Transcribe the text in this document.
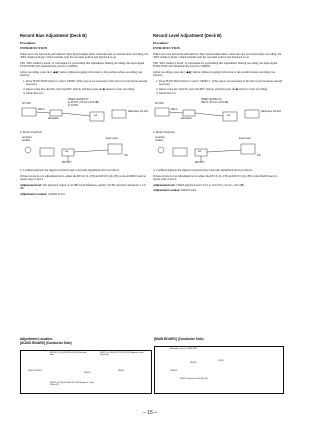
Record Bias Adjustment (Deck B)
Procedure:
INTRODUCTION
When set to the test mode performed in Tape Speed Adjust-ment, when the tape is reversed after recording, the "REC memory mode" which rewinds only the recorded portion and playback is set.
This "REC memory mode" is convenient for performing this adjustment. During recording, the input signal FUNCTION will automatically switch to VIDEO.
(After recording, press the [ ◀◀ ] button without stopping will return to the position where recording was started.)
1. Press FUNCTION button to select VIDEO. (This step is not necessary if the above test mode has already been set.)
2. Insert a tape into deck B, press the REC button, and then press the ▶ button to start recording.
3. Mode: Record
AF OSC
600 Ω
attenuator
set
VIDEO (AUDIO) IN
1) 315 Hz (-50 mV (-23.8 dB)
2) 10 kHz
blank tape CS-123
4. Mode: Playback
recorded position
set
level meter
MD OUT
47k
5. Confirm playback the signal recorded in step 2 become adjustment level as follows.
If these levels do not adjustment level, adjust the RV141 (L-CH) and RV161 (R-CH) on the AUDIO board to repeat steps 3 and 4.
Adjustment level: The playback output of 10 kHz level difference against 315 Hz reference should be ± 1.0 dB.
Adjustment Location: AUDIO board
Record Level Adjustment (Deck B)
Procedure:
INTRODUCTION
When set to the test mode performed in Tape Speed Adjust-ment, when the tape is reversed after recording, the "REC memory mode" which rewinds only the recorded portion and playback is set.
This "REC memory mode" is convenient for performing this adjustment. During recording, the input signal FUNCTION will automatically switch to VIDEO.
(After recording, press the [ ◀◀ ] button without stopping will return to the position where recording was started.)
1. Press FUNCTION button to select VIDEO 1. (This step is not necessary if the above test mode has already been set.)
2. Insert a tape into deck B, press the REC button, and then press the ▶ button to start recording.
3. Mode: Record
AF OSC
600 Ω
attenuator
set
VIDEO (AUDIO) IN
400 Hz, 50 mV (-23.8 dB)
blank tape CS-123
4. Mode: Playback
recorded position
set
level meter
MD OUT
47k
5. Confirm playback the signal recorded in step 2 become adjustment level as follows.
If these levels do not adjustment level, adjust the RV131 (L-CH) and RV151 (R-CH) on the MAIN board to repeat steps 3 and 4.
Adjustment level: CN403 playback level: 47.2 to 53.0 mV (-24.3 to -23.3 dB)
Adjustment Location: MAIN board
Adjustment Location:
[AUDIO BOARD] (Conductor Side)
RV141 (L-CH) RV161 (R-CH) Record Bias
RV421 (L-CH) RV471 (R-CH) Playback Level (Deck A)
RV431 RV461
RV441
RV411
RV451 (L-CH) RV481 (R-CH) Playback Level (Deck B)
[MAIN BOARD] (Conductor Side)
Record Level (L-CH) RV301
IC301
RV302
CN303
RV351 Record Level (R-CH)
– 15 –
